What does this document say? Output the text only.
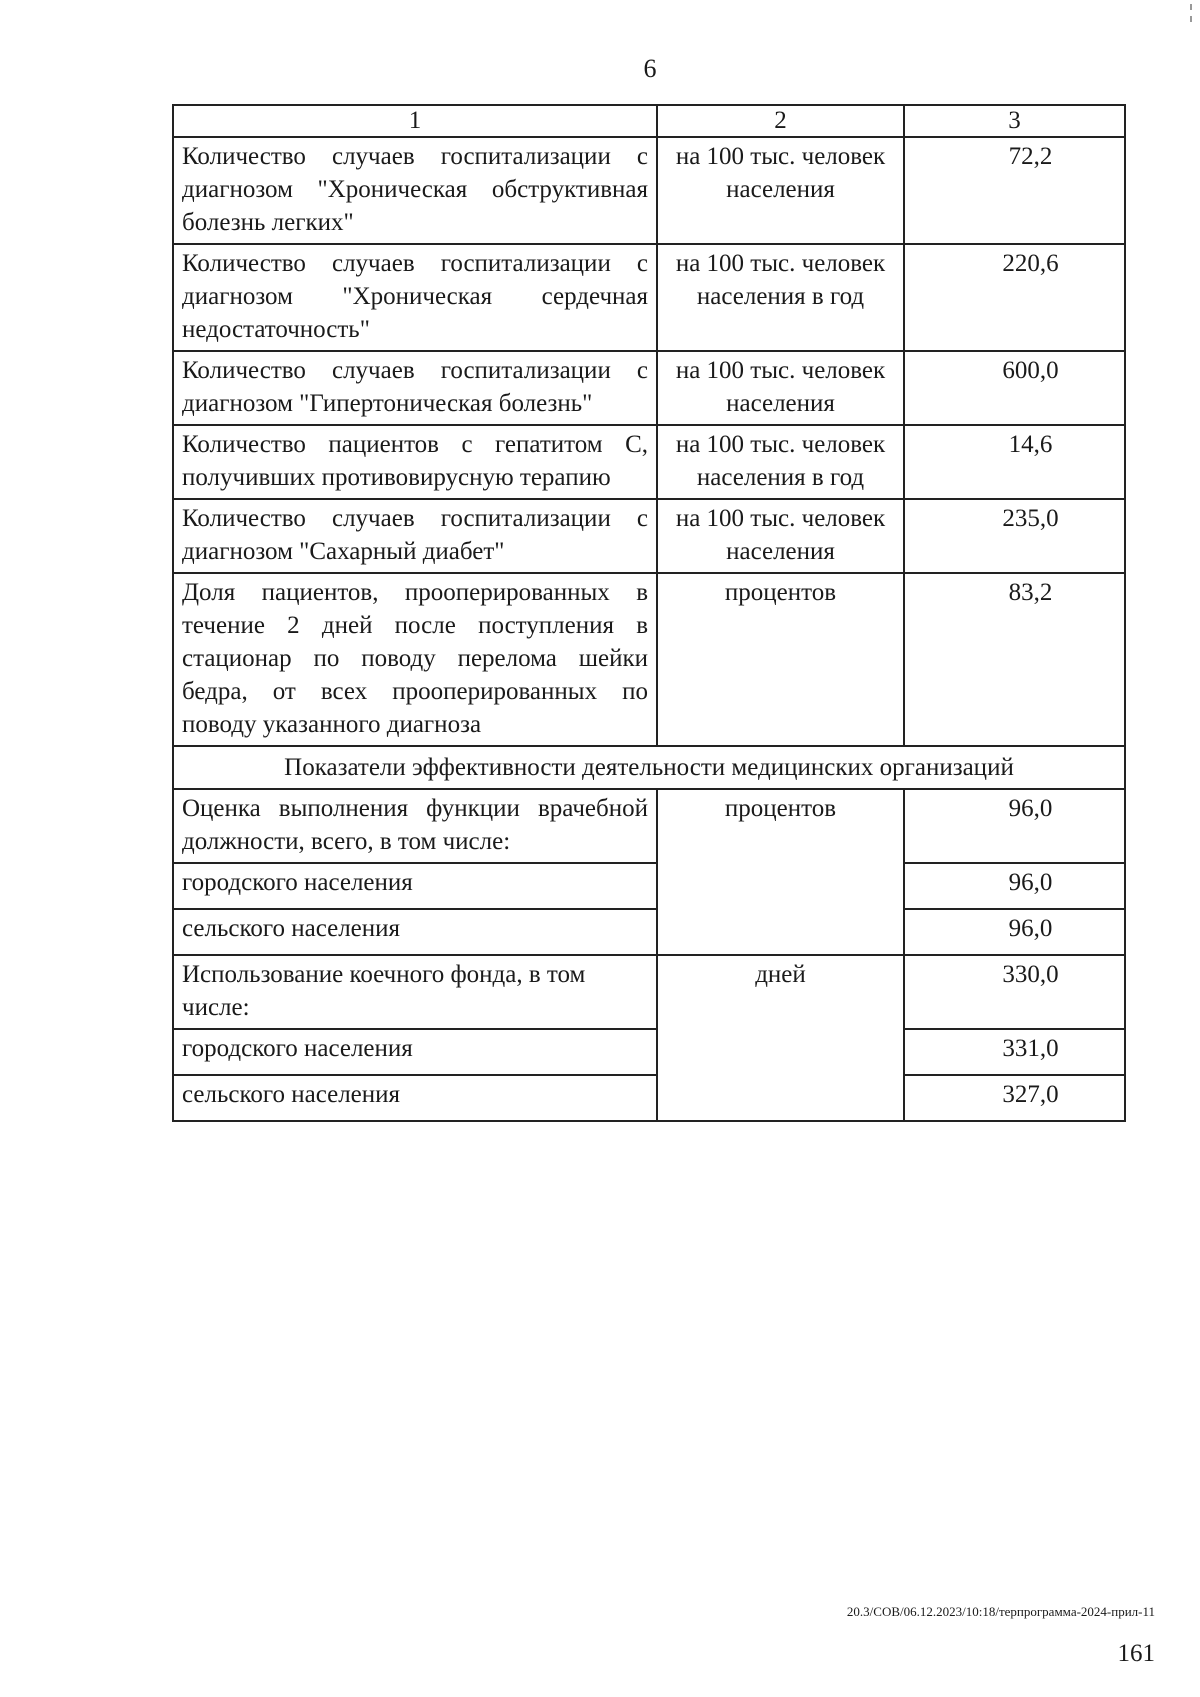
6
1	2	3
Количество случаев госпитализации с диагнозом "Хроническая обструктивная болезнь легких"	на 100 тыс. человек населения	72,2
Количество случаев госпитализации с диагнозом "Хроническая сердечная недостаточность"	на 100 тыс. человек населения в год	220,6
Количество случаев госпитализации с диагнозом "Гипертоническая болезнь"	на 100 тыс. человек населения	600,0
Количество пациентов с гепатитом С, получивших противовирусную терапию	на 100 тыс. человек населения в год	14,6
Количество случаев госпитализации с диагнозом "Сахарный диабет"	на 100 тыс. человек населения	235,0
Доля пациентов, прооперированных в течение 2 дней после поступления в стационар по поводу перелома шейки бедра, от всех прооперированных по поводу указанного диагноза	процентов	83,2
Показатели эффективности деятельности медицинских организаций		
Оценка выполнения функции врачебной должности, всего, в том числе:	процентов	96,0
городского населения		96,0
сельского населения		96,0
Использование коечного фонда, в том числе:	дней	330,0
городского населения		331,0
сельского населения		327,0
20.3/СОВ/06.12.2023/10:18/терпрограмма-2024-прил-11
161
